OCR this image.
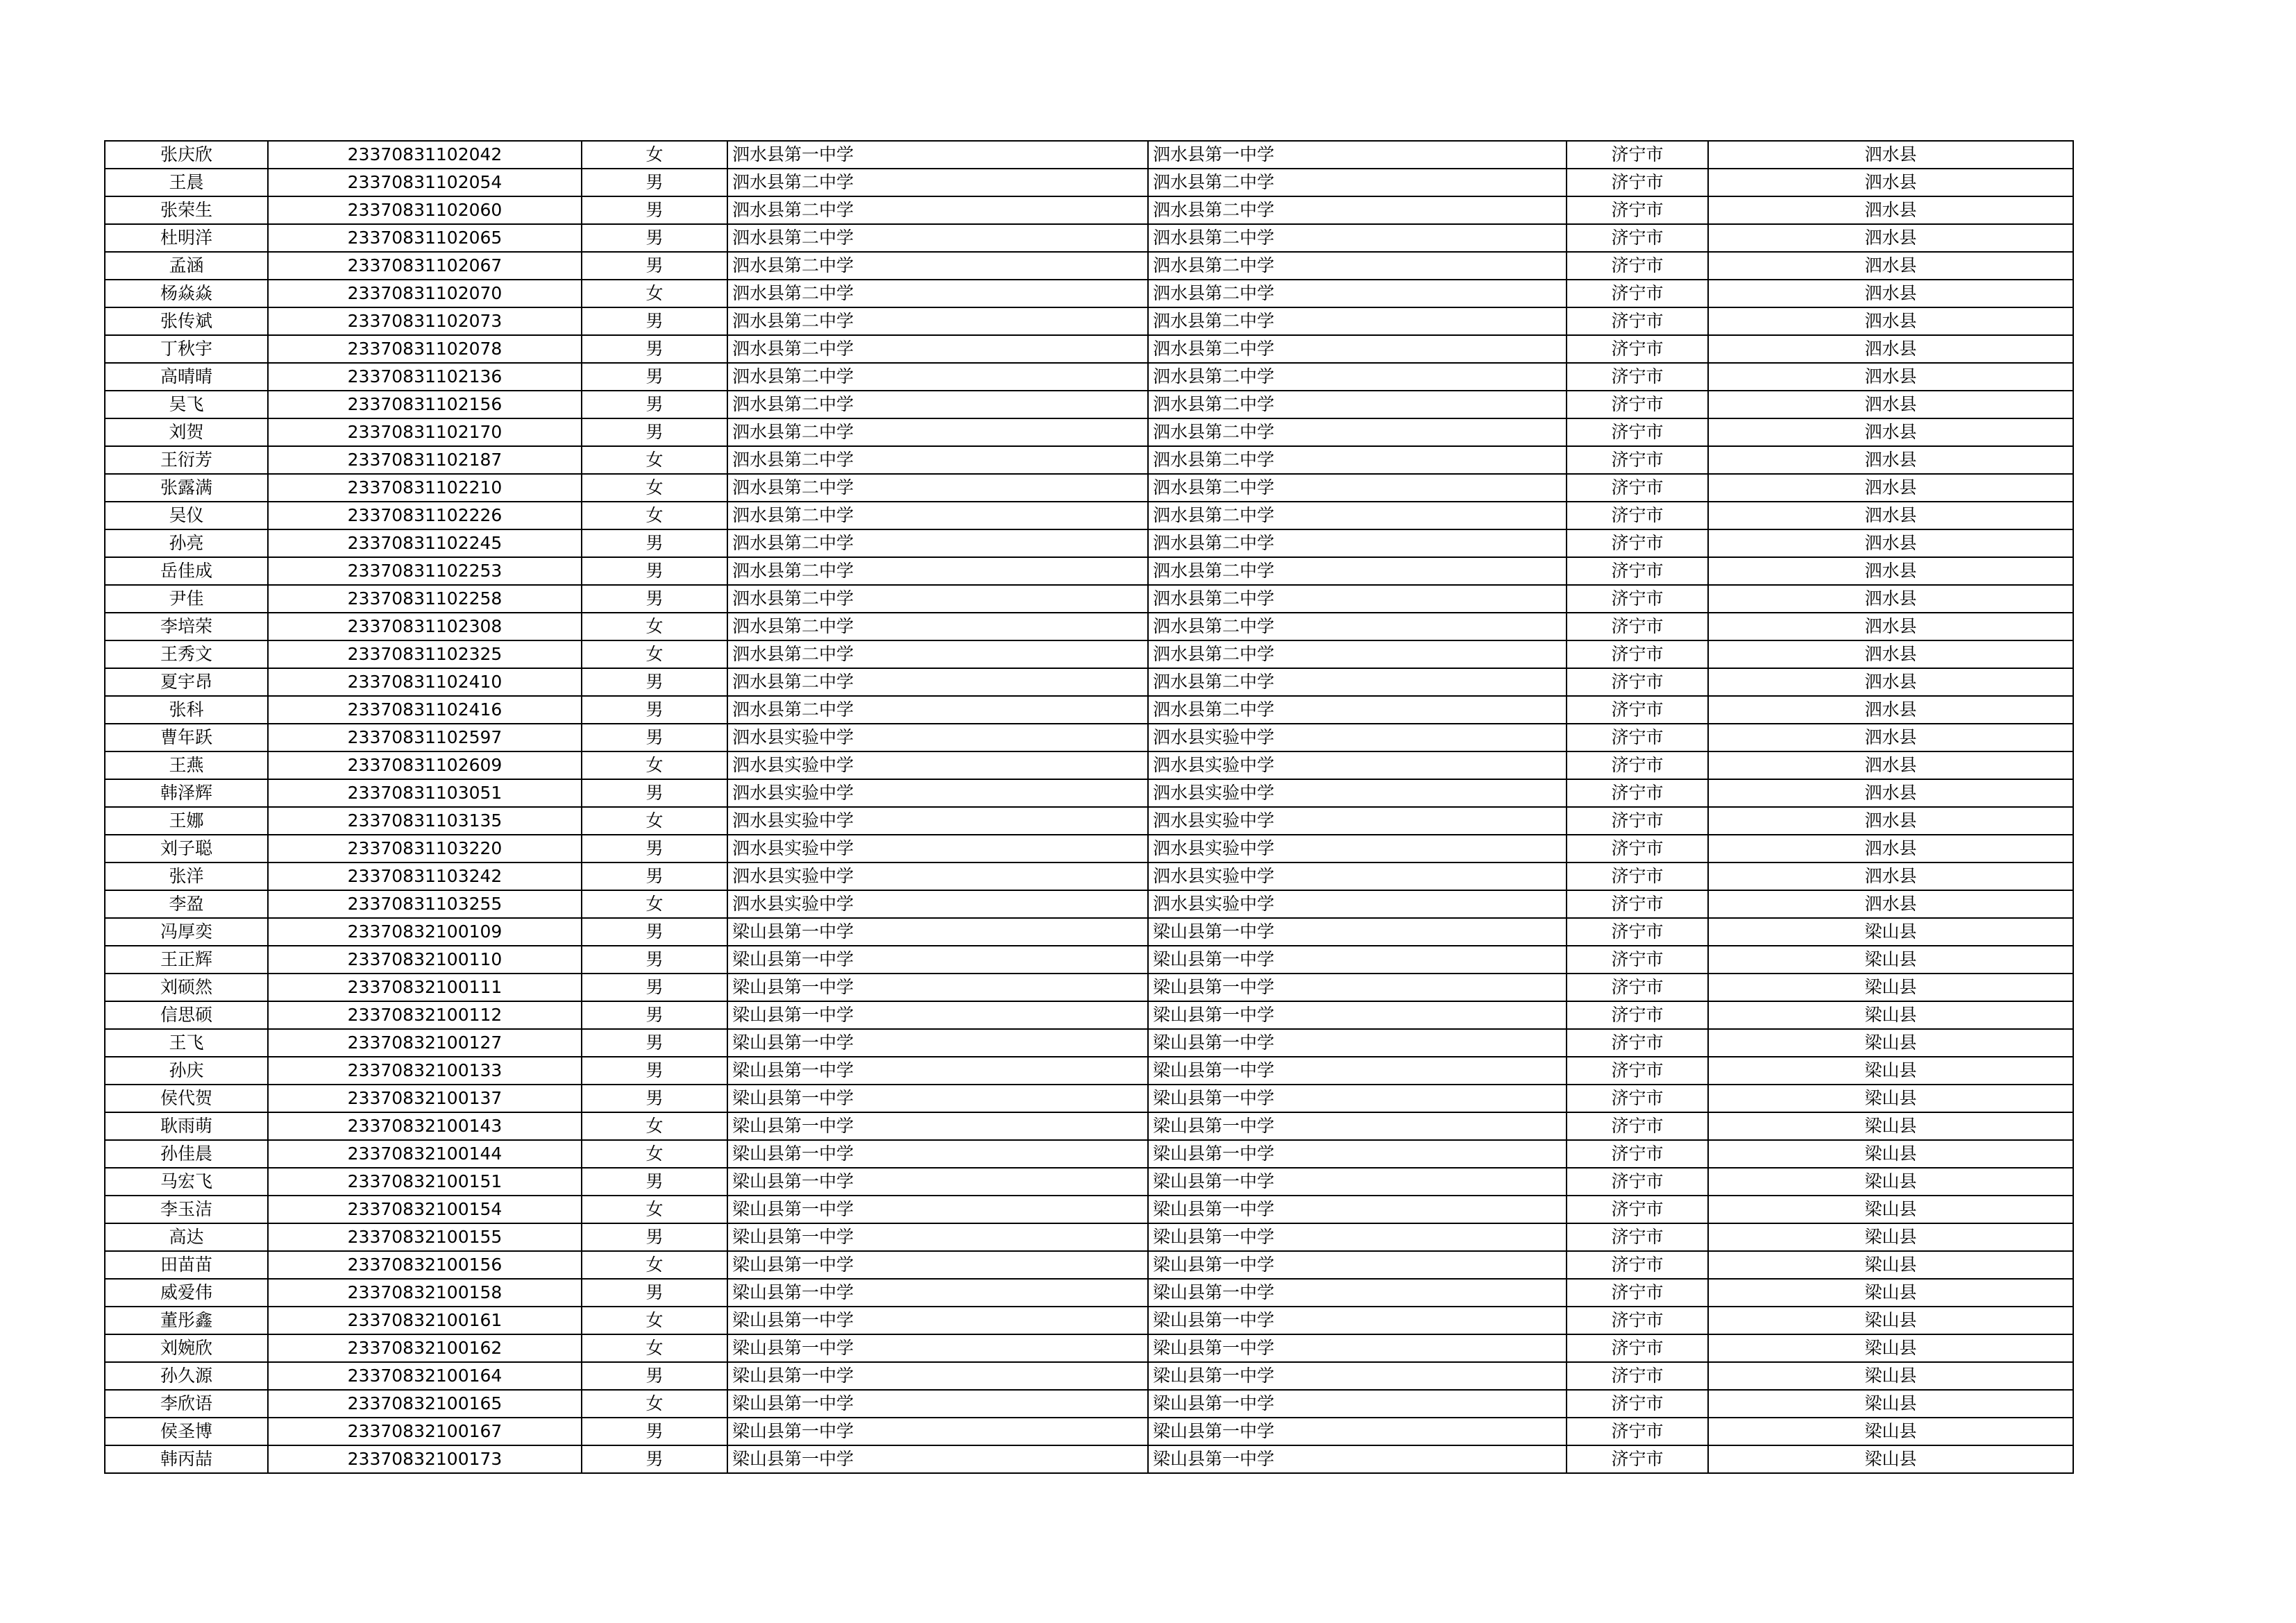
张庆欣	23370831102042	女	泗水县第一中学	泗水县第一中学	济宁市	泗水县
王晨	23370831102054	男	泗水县第二中学	泗水县第二中学	济宁市	泗水县
张荣生	23370831102060	男	泗水县第二中学	泗水县第二中学	济宁市	泗水县
杜明洋	23370831102065	男	泗水县第二中学	泗水县第二中学	济宁市	泗水县
孟涵	23370831102067	男	泗水县第二中学	泗水县第二中学	济宁市	泗水县
杨焱焱	23370831102070	女	泗水县第二中学	泗水县第二中学	济宁市	泗水县
张传斌	23370831102073	男	泗水县第二中学	泗水县第二中学	济宁市	泗水县
丁秋宇	23370831102078	男	泗水县第二中学	泗水县第二中学	济宁市	泗水县
高晴晴	23370831102136	男	泗水县第二中学	泗水县第二中学	济宁市	泗水县
吴飞	23370831102156	男	泗水县第二中学	泗水县第二中学	济宁市	泗水县
刘贺	23370831102170	男	泗水县第二中学	泗水县第二中学	济宁市	泗水县
王衍芳	23370831102187	女	泗水县第二中学	泗水县第二中学	济宁市	泗水县
张露满	23370831102210	女	泗水县第二中学	泗水县第二中学	济宁市	泗水县
吴仪	23370831102226	女	泗水县第二中学	泗水县第二中学	济宁市	泗水县
孙亮	23370831102245	男	泗水县第二中学	泗水县第二中学	济宁市	泗水县
岳佳成	23370831102253	男	泗水县第二中学	泗水县第二中学	济宁市	泗水县
尹佳	23370831102258	男	泗水县第二中学	泗水县第二中学	济宁市	泗水县
李培荣	23370831102308	女	泗水县第二中学	泗水县第二中学	济宁市	泗水县
王秀文	23370831102325	女	泗水县第二中学	泗水县第二中学	济宁市	泗水县
夏宇昂	23370831102410	男	泗水县第二中学	泗水县第二中学	济宁市	泗水县
张科	23370831102416	男	泗水县第二中学	泗水县第二中学	济宁市	泗水县
曹年跃	23370831102597	男	泗水县实验中学	泗水县实验中学	济宁市	泗水县
王燕	23370831102609	女	泗水县实验中学	泗水县实验中学	济宁市	泗水县
韩泽辉	23370831103051	男	泗水县实验中学	泗水县实验中学	济宁市	泗水县
王娜	23370831103135	女	泗水县实验中学	泗水县实验中学	济宁市	泗水县
刘子聪	23370831103220	男	泗水县实验中学	泗水县实验中学	济宁市	泗水县
张洋	23370831103242	男	泗水县实验中学	泗水县实验中学	济宁市	泗水县
李盈	23370831103255	女	泗水县实验中学	泗水县实验中学	济宁市	泗水县
冯厚奕	23370832100109	男	梁山县第一中学	梁山县第一中学	济宁市	梁山县
王正辉	23370832100110	男	梁山县第一中学	梁山县第一中学	济宁市	梁山县
刘硕然	23370832100111	男	梁山县第一中学	梁山县第一中学	济宁市	梁山县
信思硕	23370832100112	男	梁山县第一中学	梁山县第一中学	济宁市	梁山县
王飞	23370832100127	男	梁山县第一中学	梁山县第一中学	济宁市	梁山县
孙庆	23370832100133	男	梁山县第一中学	梁山县第一中学	济宁市	梁山县
侯代贺	23370832100137	男	梁山县第一中学	梁山县第一中学	济宁市	梁山县
耿雨萌	23370832100143	女	梁山县第一中学	梁山县第一中学	济宁市	梁山县
孙佳晨	23370832100144	女	梁山县第一中学	梁山县第一中学	济宁市	梁山县
马宏飞	23370832100151	男	梁山县第一中学	梁山县第一中学	济宁市	梁山县
李玉洁	23370832100154	女	梁山县第一中学	梁山县第一中学	济宁市	梁山县
高达	23370832100155	男	梁山县第一中学	梁山县第一中学	济宁市	梁山县
田苗苗	23370832100156	女	梁山县第一中学	梁山县第一中学	济宁市	梁山县
威爱伟	23370832100158	男	梁山县第一中学	梁山县第一中学	济宁市	梁山县
董彤鑫	23370832100161	女	梁山县第一中学	梁山县第一中学	济宁市	梁山县
刘婉欣	23370832100162	女	梁山县第一中学	梁山县第一中学	济宁市	梁山县
孙久源	23370832100164	男	梁山县第一中学	梁山县第一中学	济宁市	梁山县
李欣语	23370832100165	女	梁山县第一中学	梁山县第一中学	济宁市	梁山县
侯圣博	23370832100167	男	梁山县第一中学	梁山县第一中学	济宁市	梁山县
韩丙喆	23370832100173	男	梁山县第一中学	梁山县第一中学	济宁市	梁山县
